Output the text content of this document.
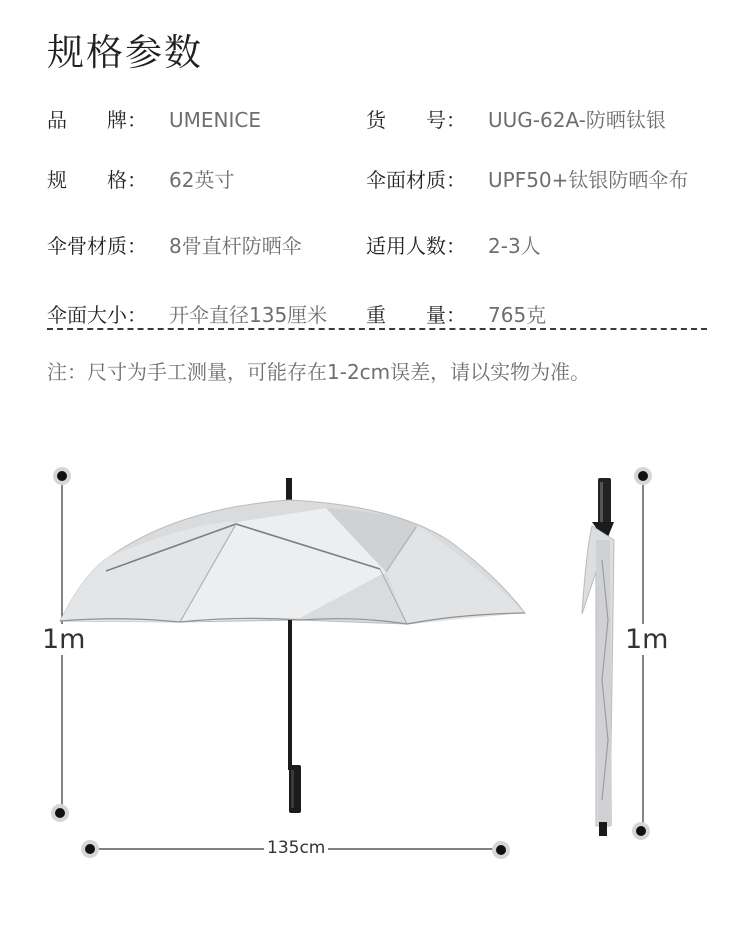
规格参数
品　　牌： UMENICE	货　　号： UUG-62A-防晒钛银
规　　格： 62英寸	伞面材质： UPF50+钛银防晒伞布
伞骨材质： 8骨直杆防晒伞	适用人数： 2-3人
伞面大小： 开伞直径135厘米 重　　量： 765克
注：尺寸为手工测量，可能存在1-2cm误差，请以实物为准。
1m
135cm
1m
